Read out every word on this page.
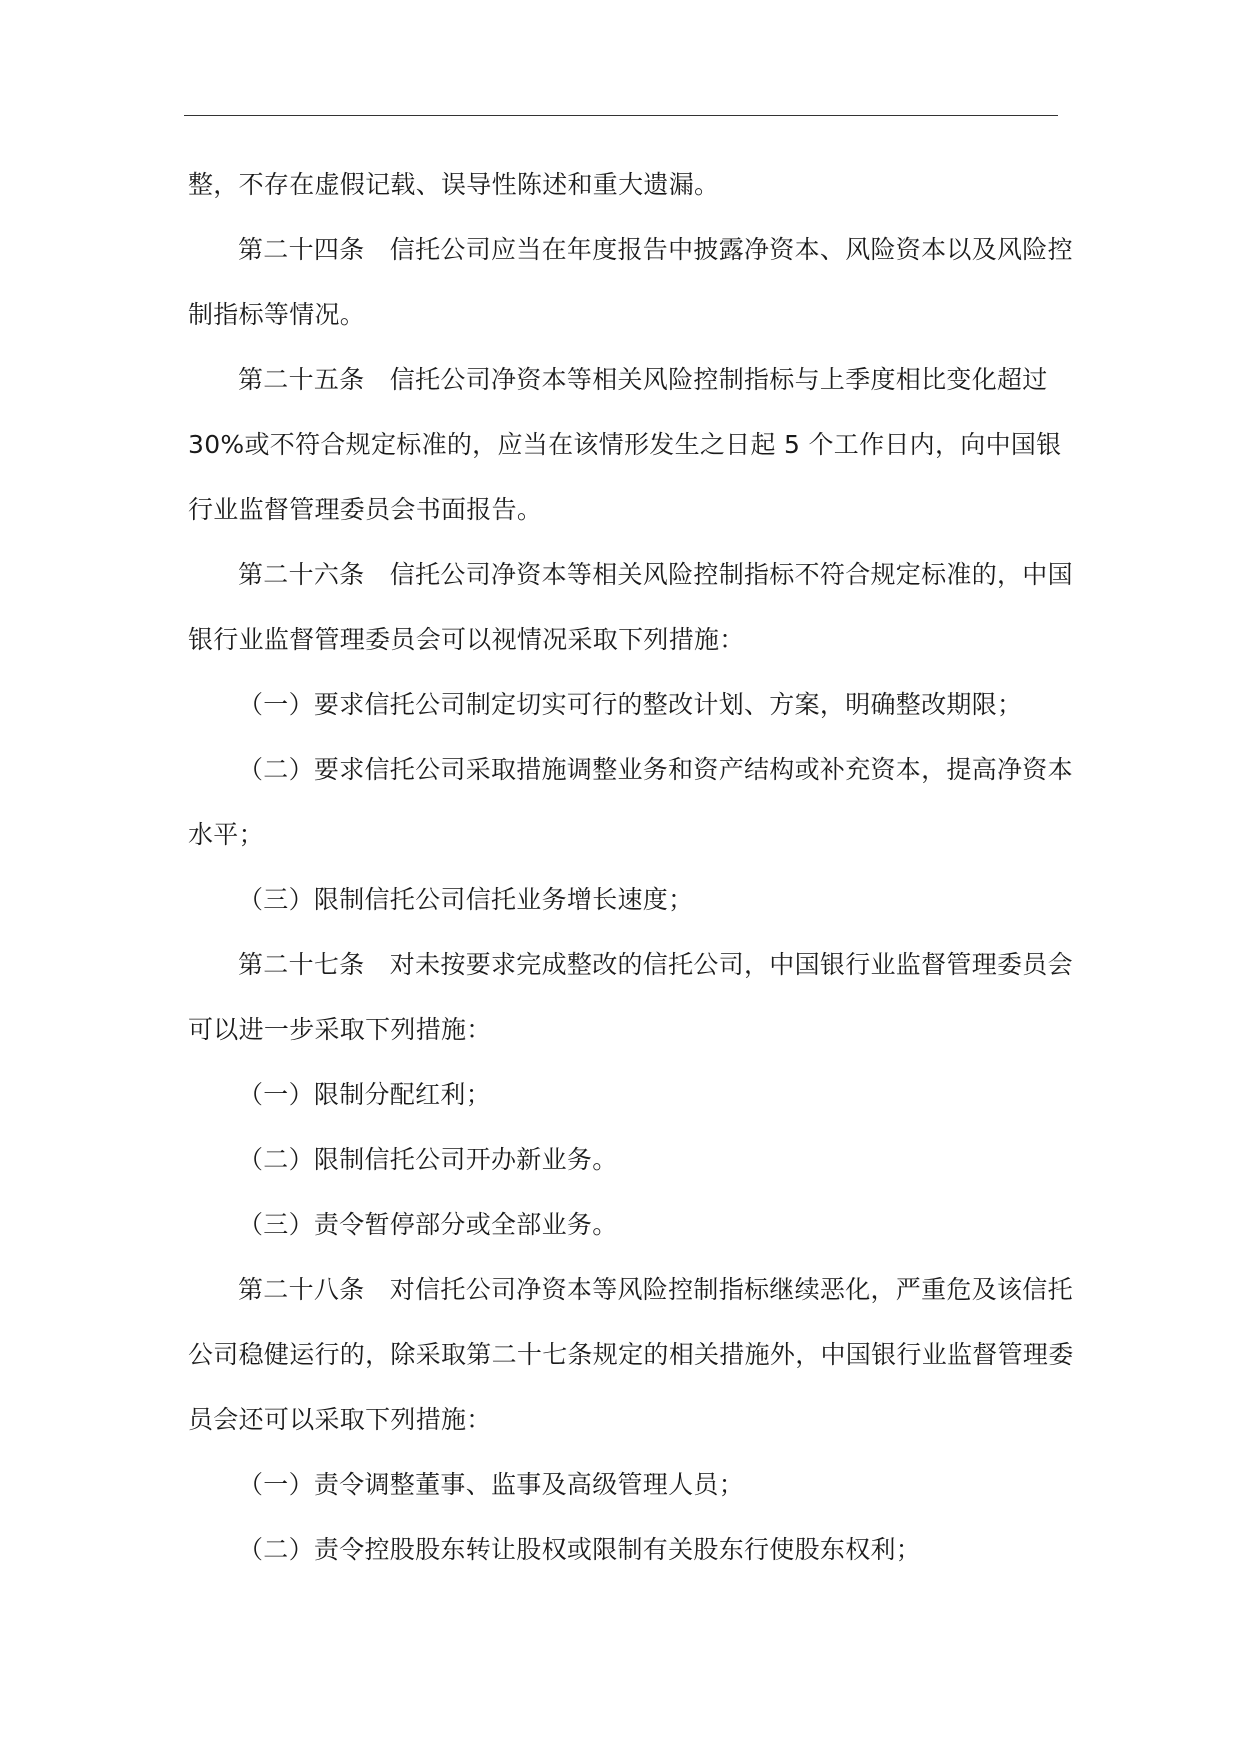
整，不存在虚假记载、误导性陈述和重大遗漏。
第二十四条　信托公司应当在年度报告中披露净资本、风险资本以及风险控
制指标等情况。
第二十五条　信托公司净资本等相关风险控制指标与上季度相比变化超过
30%或不符合规定标准的，应当在该情形发生之日起 5 个工作日内，向中国银
行业监督管理委员会书面报告。
第二十六条　信托公司净资本等相关风险控制指标不符合规定标准的，中国
银行业监督管理委员会可以视情况采取下列措施：
（一）要求信托公司制定切实可行的整改计划、方案，明确整改期限；
（二）要求信托公司采取措施调整业务和资产结构或补充资本，提高净资本
水平；
（三）限制信托公司信托业务增长速度；
第二十七条　对未按要求完成整改的信托公司，中国银行业监督管理委员会
可以进一步采取下列措施：
（一）限制分配红利；
（二）限制信托公司开办新业务。
（三）责令暂停部分或全部业务。
第二十八条　对信托公司净资本等风险控制指标继续恶化，严重危及该信托
公司稳健运行的，除采取第二十七条规定的相关措施外，中国银行业监督管理委
员会还可以采取下列措施：
（一）责令调整董事、监事及高级管理人员；
（二）责令控股股东转让股权或限制有关股东行使股东权利；
